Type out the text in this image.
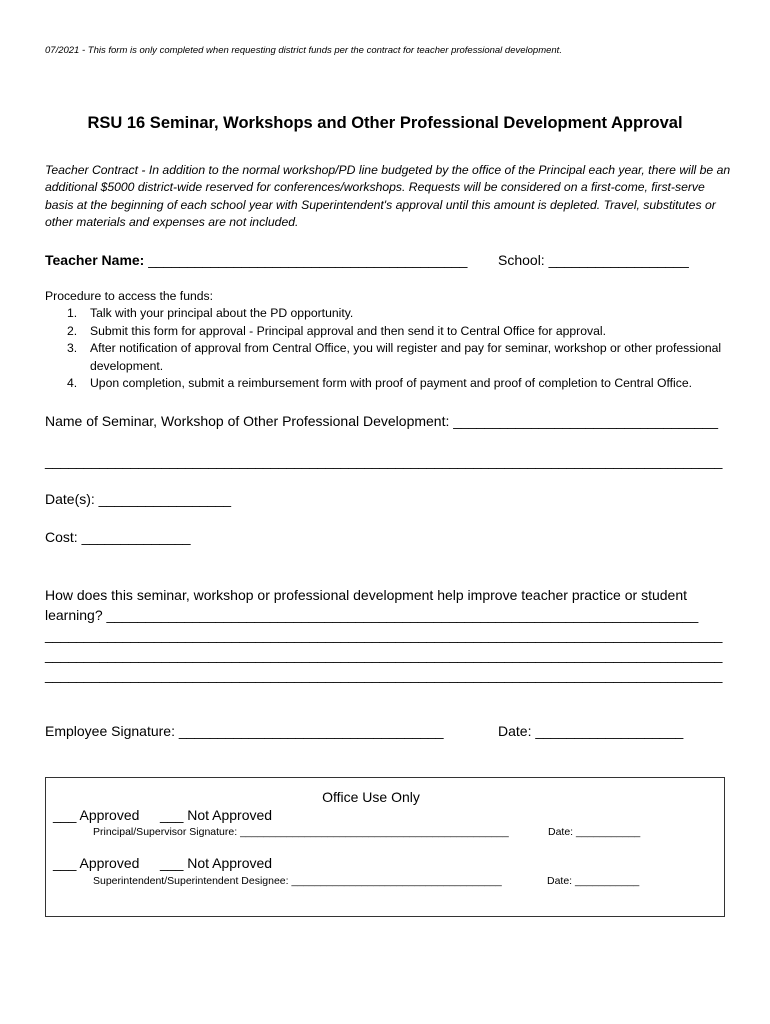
07/2021 - This form is only completed when requesting district funds per the contract for teacher professional development.
RSU 16 Seminar, Workshops and Other Professional Development Approval
Teacher Contract - In addition to the normal workshop/PD line budgeted by the office of the Principal each year, there will be an additional $5000 district-wide reserved for conferences/workshops. Requests will be considered on a first-come, first-serve basis at the beginning of each school year with Superintendent's approval until this amount is depleted. Travel, substitutes or other materials and expenses are not included.
Teacher Name: _________________________________________ School: __________________
Procedure to access the funds:
1. Talk with your principal about the PD opportunity.
2. Submit this form for approval - Principal approval and then send it to Central Office for approval.
3. After notification of approval from Central Office, you will register and pay for seminar, workshop or other professional development.
4. Upon completion, submit a reimbursement form with proof of payment and proof of completion to Central Office.
Name of Seminar, Workshop of Other Professional Development: __________________________________
_______________________________________________________________________________________
Date(s): _________________
Cost: ______________
How does this seminar, workshop or professional development help improve teacher practice or student
learning? ____________________________________________________________________________
_______________________________________________________________________________________
_______________________________________________________________________________________
_______________________________________________________________________________________
Employee Signature: __________________________________	Date: ___________________
Office Use Only
___ Approved ___ Not Approved
Principal/Supervisor Signature: ______________________________________________	Date: ___________
___ Approved ___ Not Approved
Superintendent/Superintendent Designee: ____________________________________	Date: ___________
